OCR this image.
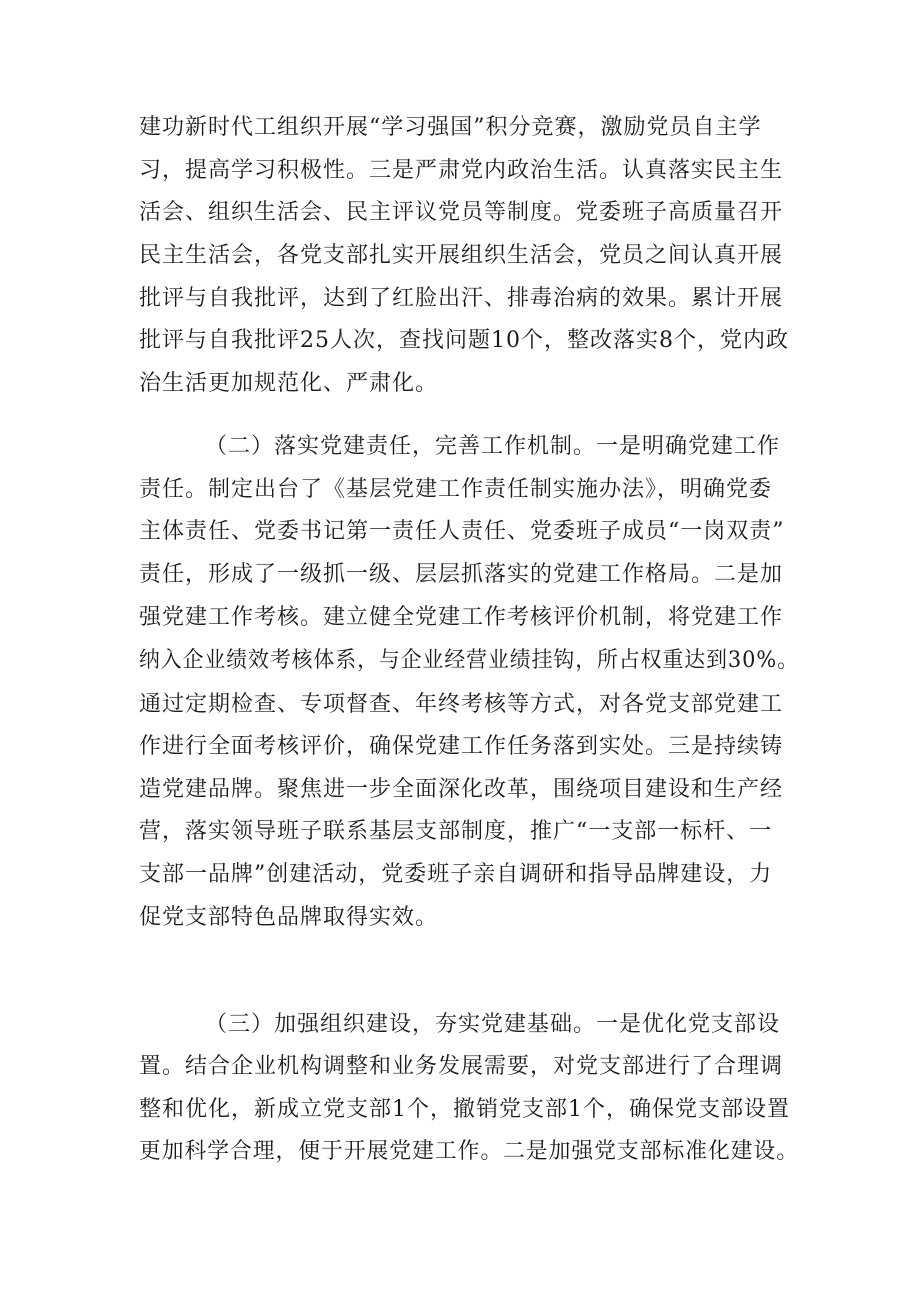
建功新时代工组织开展“学习强国”积分竞赛，激励党员自主学
习，提高学习积极性。三是严肃党内政治生活。认真落实民主生
活会、组织生活会、民主评议党员等制度。党委班子高质量召开
民主生活会，各党支部扎实开展组织生活会，党员之间认真开展
批评与自我批评，达到了红脸出汗、排毒治病的效果。累计开展
批评与自我批评25人次，查找问题10个，整改落实8个，党内政
治生活更加规范化、严肃化。
（二）落实党建责任，完善工作机制。一是明确党建工作
责任。制定出台了《基层党建工作责任制实施办法》，明确党委
主体责任、党委书记第一责任人责任、党委班子成员“一岗双责”
责任，形成了一级抓一级、层层抓落实的党建工作格局。二是加
强党建工作考核。建立健全党建工作考核评价机制，将党建工作
纳入企业绩效考核体系，与企业经营业绩挂钩，所占权重达到30%。
通过定期检查、专项督查、年终考核等方式，对各党支部党建工
作进行全面考核评价，确保党建工作任务落到实处。三是持续铸
造党建品牌。聚焦进一步全面深化改革，围绕项目建设和生产经
营，落实领导班子联系基层支部制度，推广“一支部一标杆、一
支部一品牌”创建活动，党委班子亲自调研和指导品牌建设，力
促党支部特色品牌取得实效。
（三）加强组织建设，夯实党建基础。一是优化党支部设
置。结合企业机构调整和业务发展需要，对党支部进行了合理调
整和优化，新成立党支部1个，撤销党支部1个，确保党支部设置
更加科学合理，便于开展党建工作。二是加强党支部标准化建设。
